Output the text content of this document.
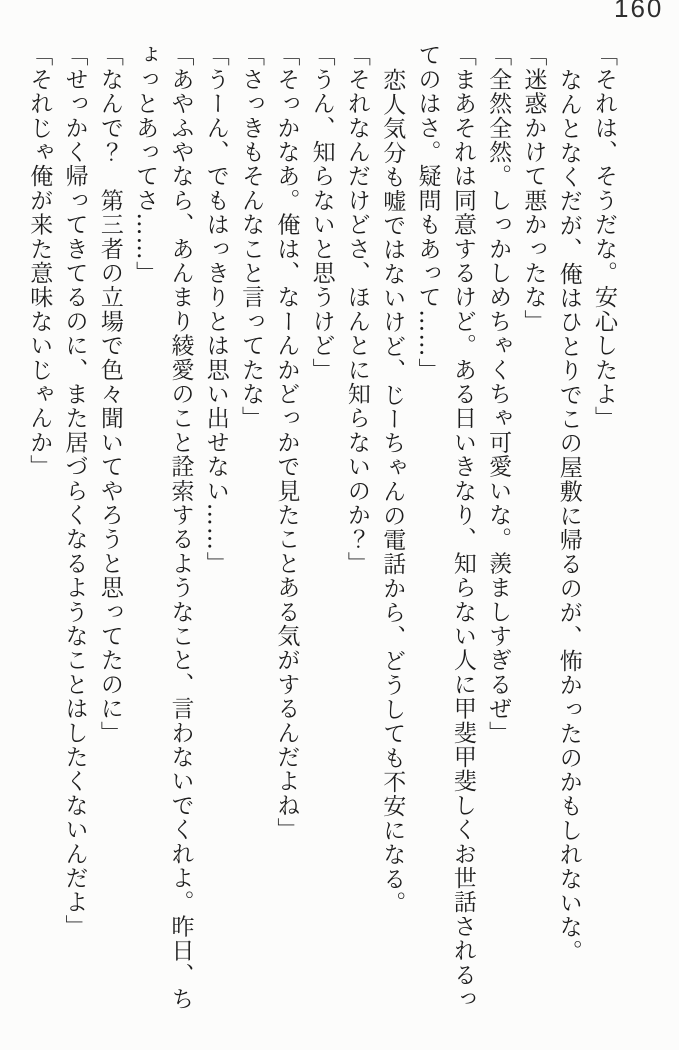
160

「それは、そうだな。安心したよ」

なんとなくだが、俺はひとりでこの屋敷に帰るのが、怖かったのかもしれないな。

「迷惑かけて悪かったな」

「全然全然。しっかしめちゃくちゃ可愛いな。羨ましすぎるぜ」

「まあそれは同意するけど。ある日いきなり、知らない人に甲斐甲斐しくお世話されるっ

てのはさ。疑問もあって……」

恋人気分も嘘ではないけど、じーちゃんの電話から、どうしても不安になる。

「それなんだけどさ、ほんとに知らないのか？」

「うん、知らないと思うけど」

「そっかなあ。俺は、なーんかどっかで見たことある気がするんだよね」

「さっきもそんなこと言ってたな」

「うーん、でもはっきりとは思い出せない……」

「あやふやなら、あんまり綾愛のこと詮索するようなこと、言わないでくれよ。昨日、ち

ょっとあってさ……」

「なんで？　第三者の立場で色々聞いてやろうと思ってたのに」

「せっかく帰ってきてるのに、また居づらくなるようなことはしたくないんだよ」

「それじゃ俺が来た意味ないじゃんか」
